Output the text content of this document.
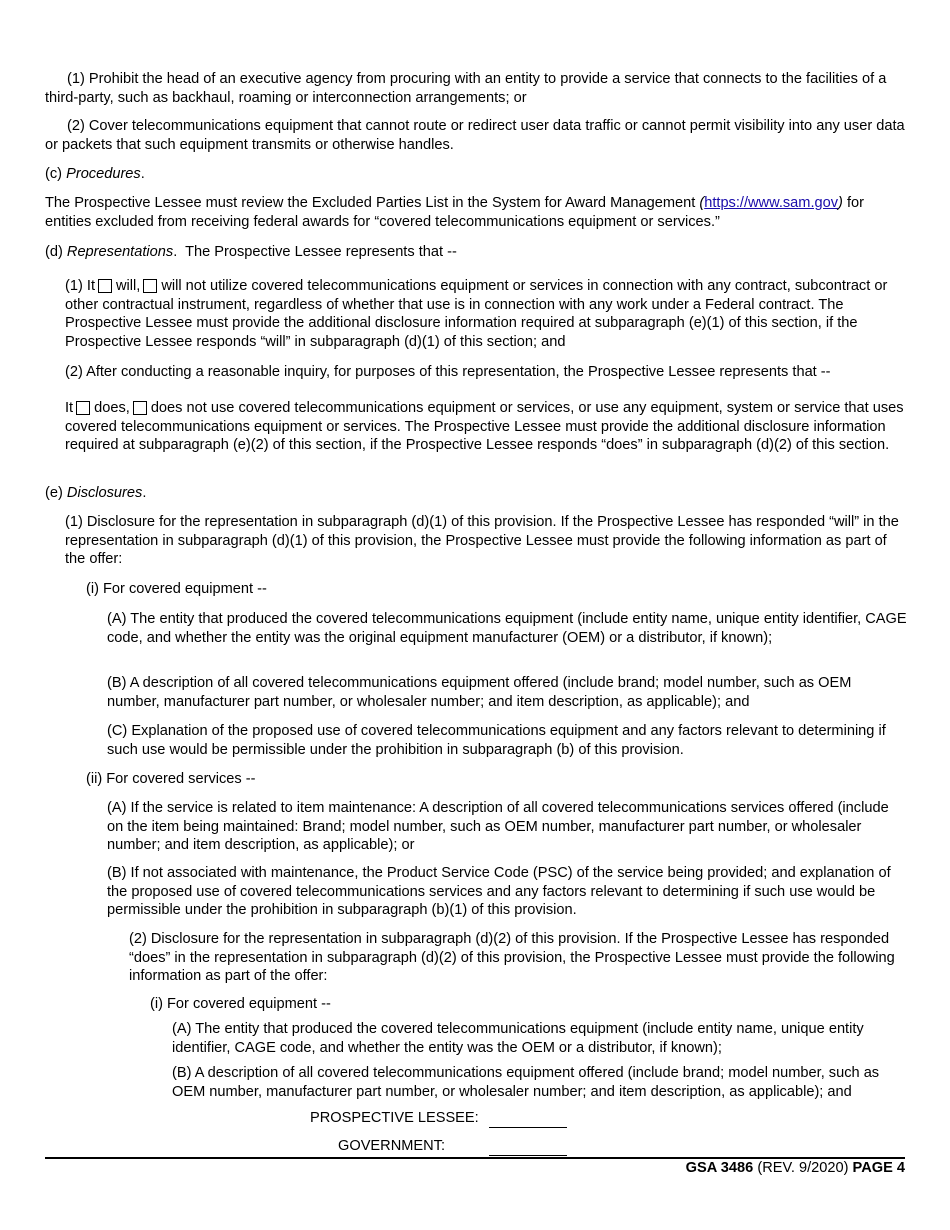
(1) Prohibit the head of an executive agency from procuring with an entity to provide a service that connects to the facilities of a third-party, such as backhaul, roaming or interconnection arrangements; or

(2) Cover telecommunications equipment that cannot route or redirect user data traffic or cannot permit visibility into any user data or packets that such equipment transmits or otherwise handles.

(c) Procedures.

The Prospective Lessee must review the Excluded Parties List in the System for Award Management (https://www.sam.gov) for entities excluded from receiving federal awards for “covered telecommunications equipment or services.”

(d) Representations.  The Prospective Lessee represents that --

(1) It will, will not utilize covered telecommunications equipment or services in connection with any contract, subcontract or other contractual instrument, regardless of whether that use is in connection with any work under a Federal contract. The Prospective Lessee must provide the additional disclosure information required at subparagraph (e)(1) of this section, if the Prospective Lessee responds “will” in subparagraph (d)(1) of this section; and

(2) After conducting a reasonable inquiry, for purposes of this representation, the Prospective Lessee represents that --

It does, does not use covered telecommunications equipment or services, or use any equipment, system or service that uses covered telecommunications equipment or services. The Prospective Lessee must provide the additional disclosure information required at subparagraph (e)(2) of this section, if the Prospective Lessee responds “does” in subparagraph (d)(2) of this section.

(e) Disclosures.

(1) Disclosure for the representation in subparagraph (d)(1) of this provision. If the Prospective Lessee has responded “will” in the representation in subparagraph (d)(1) of this provision, the Prospective Lessee must provide the following information as part of the offer:

(i) For covered equipment --

(A) The entity that produced the covered telecommunications equipment (include entity name, unique entity identifier, CAGE code, and whether the entity was the original equipment manufacturer (OEM) or a distributor, if known);

(B) A description of all covered telecommunications equipment offered (include brand; model number, such as OEM number, manufacturer part number, or wholesaler number; and item description, as applicable); and

(C) Explanation of the proposed use of covered telecommunications equipment and any factors relevant to determining if such use would be permissible under the prohibition in subparagraph (b) of this provision.

(ii) For covered services --

(A) If the service is related to item maintenance: A description of all covered telecommunications services offered (include on the item being maintained: Brand; model number, such as OEM number, manufacturer part number, or wholesaler number; and item description, as applicable); or

(B) If not associated with maintenance, the Product Service Code (PSC) of the service being provided; and explanation of the proposed use of covered telecommunications services and any factors relevant to determining if such use would be permissible under the prohibition in subparagraph (b)(1) of this provision.

(2) Disclosure for the representation in subparagraph (d)(2) of this provision. If the Prospective Lessee has responded “does” in the representation in subparagraph (d)(2) of this provision, the Prospective Lessee must provide the following information as part of the offer:

(i) For covered equipment --

(A) The entity that produced the covered telecommunications equipment (include entity name, unique entity identifier, CAGE code, and whether the entity was the OEM or a distributor, if known);

(B) A description of all covered telecommunications equipment offered (include brand; model number, such as OEM number, manufacturer part number, or wholesaler number; and item description, as applicable); and

PROSPECTIVE LESSEE:
GOVERNMENT:
GSA 3486 (REV. 9/2020) PAGE 4
